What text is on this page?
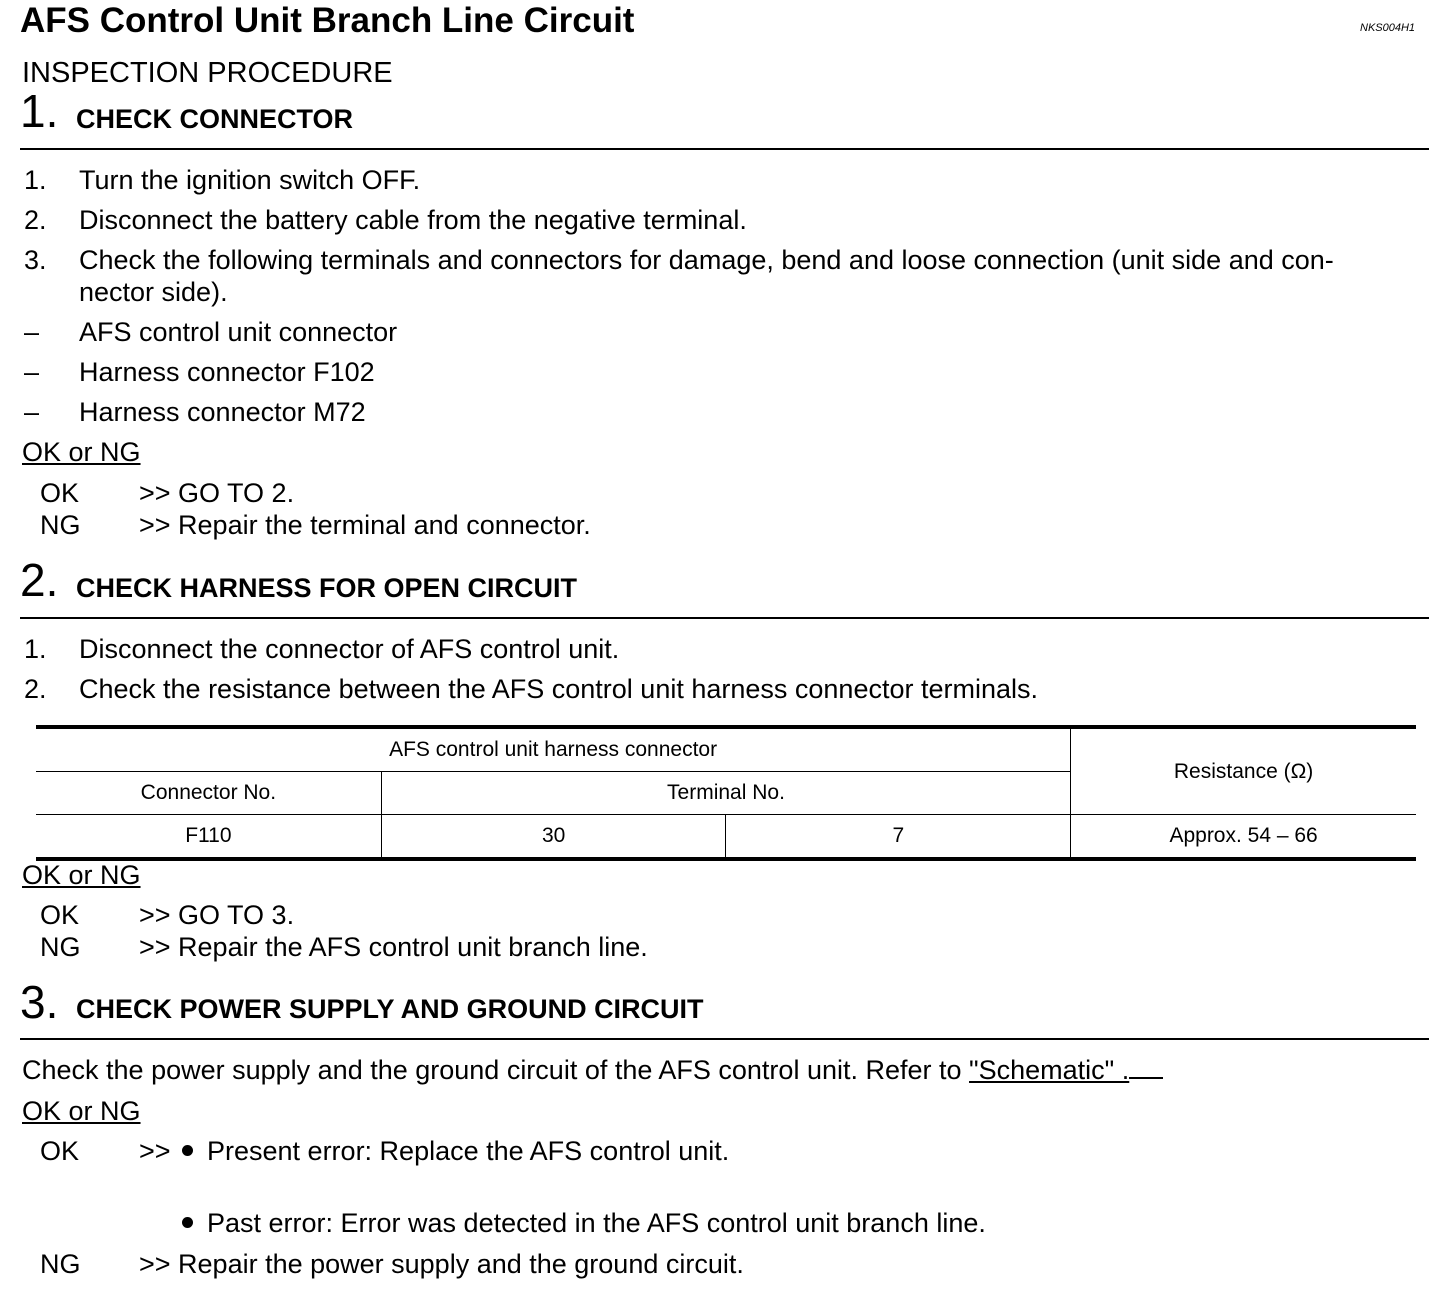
AFS Control Unit Branch Line Circuit	NKS004H1
INSPECTION PROCEDURE
1. CHECK CONNECTOR
1. Turn the ignition switch OFF.
2. Disconnect the battery cable from the negative terminal.
3. Check the following terminals and connectors for damage, bend and loose connection (unit side and con-
nector side).
– AFS control unit connector
– Harness connector F102
– Harness connector M72
OK or NG
OK >> GO TO 2.
NG >> Repair the terminal and connector.
2. CHECK HARNESS FOR OPEN CIRCUIT
1. Disconnect the connector of AFS control unit.
2. Check the resistance between the AFS control unit harness connector terminals.
AFS control unit harness connector			Resistance (Ω)
Connector No.	Terminal No.		
F110	30	7	Approx. 54 – 66
OK or NG
OK >> GO TO 3.
NG >> Repair the AFS control unit branch line.
3. CHECK POWER SUPPLY AND GROUND CIRCUIT
Check the power supply and the ground circuit of the AFS control unit. Refer to "Schematic" .
OK or NG
OK >>	Present error: Replace the AFS control unit.
Past error: Error was detected in the AFS control unit branch line.
NG >> Repair the power supply and the ground circuit.
